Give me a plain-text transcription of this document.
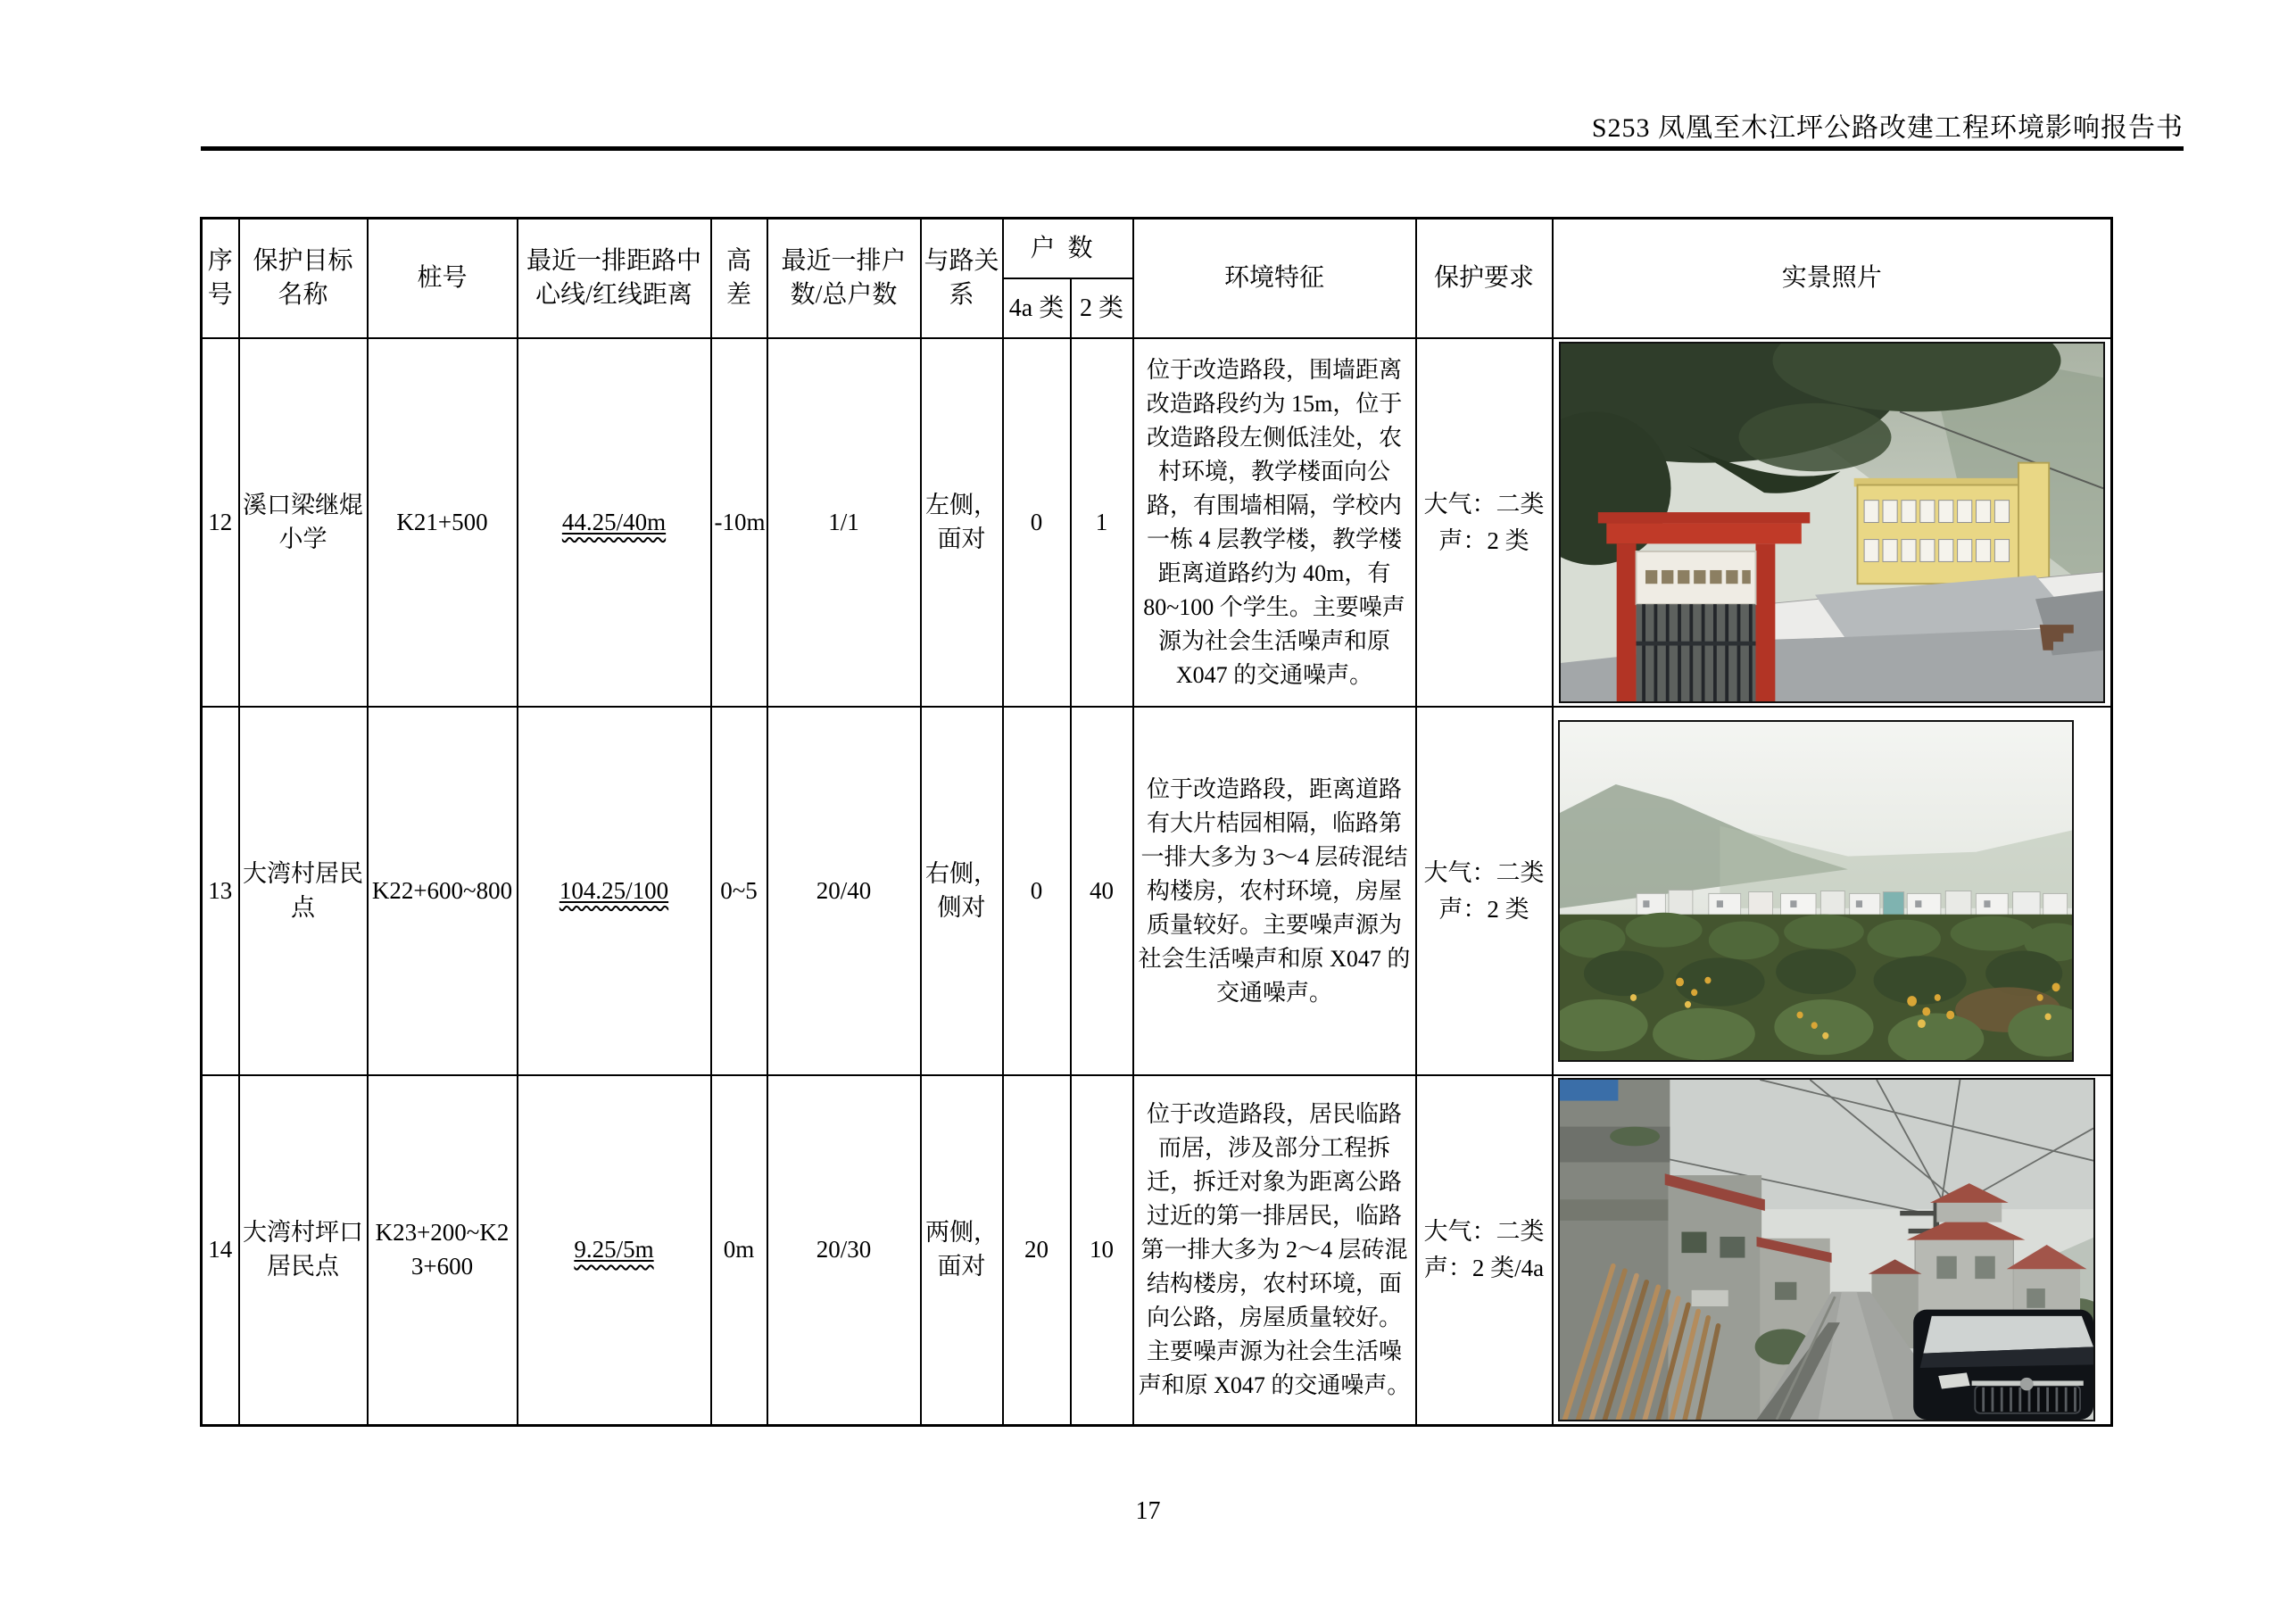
S253 凤凰至木江坪公路改建工程环境影响报告书
序号	保护目标名称	桩号	最近一排距路中心线/红线距离	高差	最近一排户数/总户数	与路关系	户数		环境特征	保护要求	实景照片
							4a 类	2 类			
12	溪口梁继焜小学	K21+500	44.25/40m	-10m	1/1	左侧，面对	0	1	位于改造路段，围墙距离改造路段约为 15m，位于改造路段左侧低洼处，农村环境，教学楼面向公路，有围墙相隔，学校内一栋 4 层教学楼，教学楼距离道路约为 40m，有 80~100 个学生。主要噪声源为社会生活噪声和原 X047 的交通噪声。	大气：二类
声：2 类

13	大湾村居民点	K22+600~800	104.25/100	0~5	20/40	右侧，侧对	0	40	位于改造路段，距离道路有大片桔园相隔，临路第一排大多为 3～4 层砖混结构楼房，农村环境，房屋质量较好。主要噪声源为社会生活噪声和原 X047 的交通噪声。	大气：二类
声：2 类

14	大湾村坪口居民点	K23+200~K23+600	9.25/5m	0m	20/30	两侧，面对	20	10	位于改造路段，居民临路而居，涉及部分工程拆迁，拆迁对象为距离公路过近的第一排居民，临路第一排大多为 2～4 层砖混结构楼房，农村环境，面向公路，房屋质量较好。主要噪声源为社会生活噪声和原 X047 的交通噪声。	大气：二类
声：2 类/4a

17
